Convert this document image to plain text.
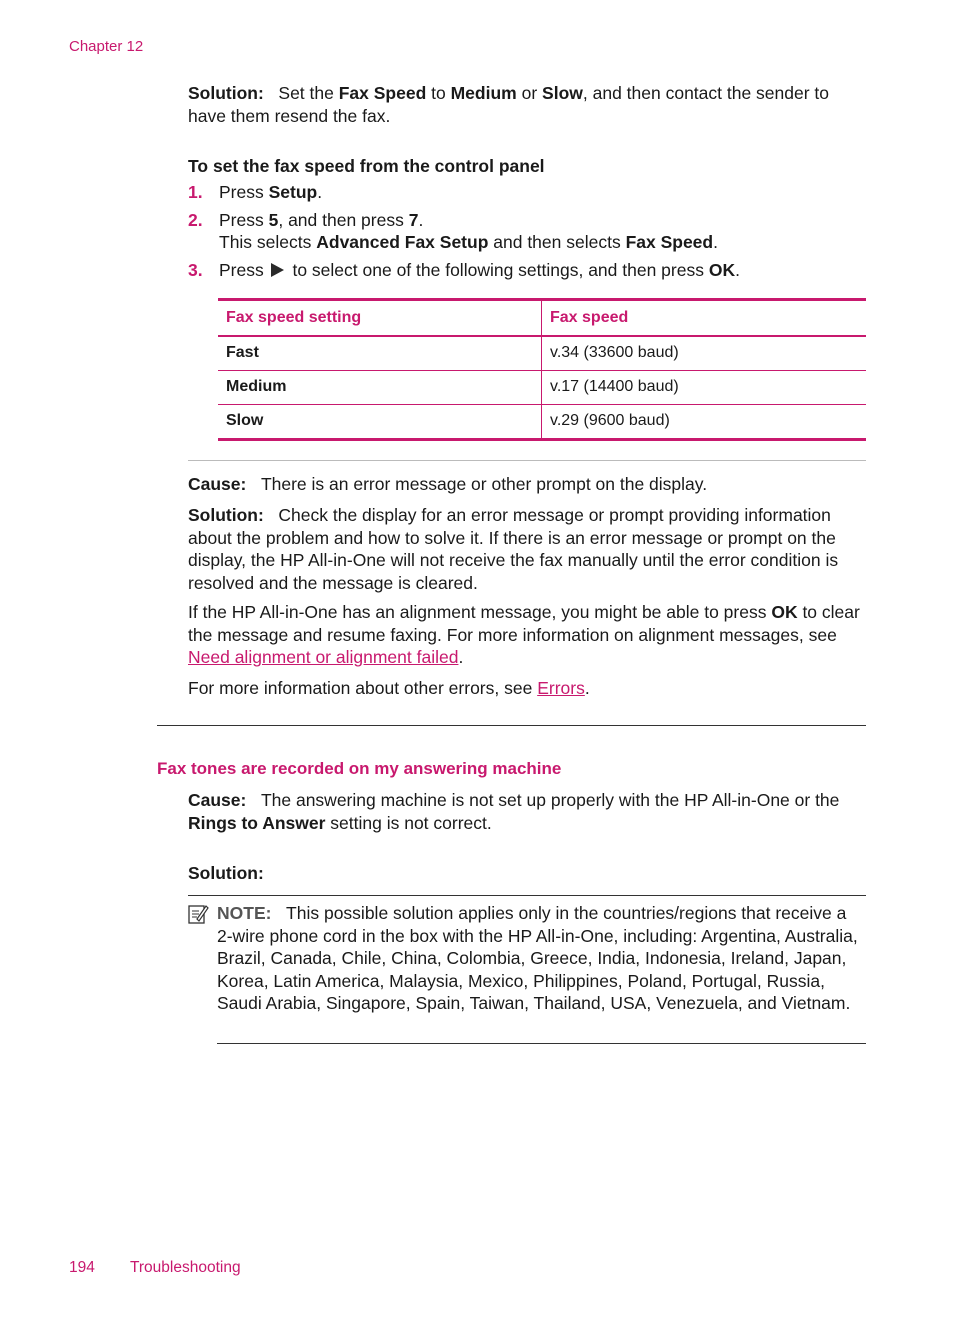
Chapter 12
Solution: Set the Fax Speed to Medium or Slow, and then contact the sender to have them resend the fax.
To set the fax speed from the control panel
1. Press Setup.
2. Press 5, and then press 7.
This selects Advanced Fax Setup and then selects Fax Speed.
3. Press  to select one of the following settings, and then press OK.
Fax speed setting	Fax speed
Fast	v.34 (33600 baud)
Medium	v.17 (14400 baud)
Slow	v.29 (9600 baud)
Cause: There is an error message or other prompt on the display.
Solution: Check the display for an error message or prompt providing information about the problem and how to solve it. If there is an error message or prompt on the display, the HP All-in-One will not receive the fax manually until the error condition is resolved and the message is cleared.
If the HP All-in-One has an alignment message, you might be able to press OK to clear the message and resume faxing. For more information on alignment messages, see Need alignment or alignment failed.
For more information about other errors, see Errors.
Fax tones are recorded on my answering machine
Cause: The answering machine is not set up properly with the HP All-in-One or the Rings to Answer setting is not correct.
Solution:
NOTE: This possible solution applies only in the countries/regions that receive a 2-wire phone cord in the box with the HP All-in-One, including: Argentina, Australia, Brazil, Canada, Chile, China, Colombia, Greece, India, Indonesia, Ireland, Japan, Korea, Latin America, Malaysia, Mexico, Philippines, Poland, Portugal, Russia, Saudi Arabia, Singapore, Spain, Taiwan, Thailand, USA, Venezuela, and Vietnam.
194 Troubleshooting
